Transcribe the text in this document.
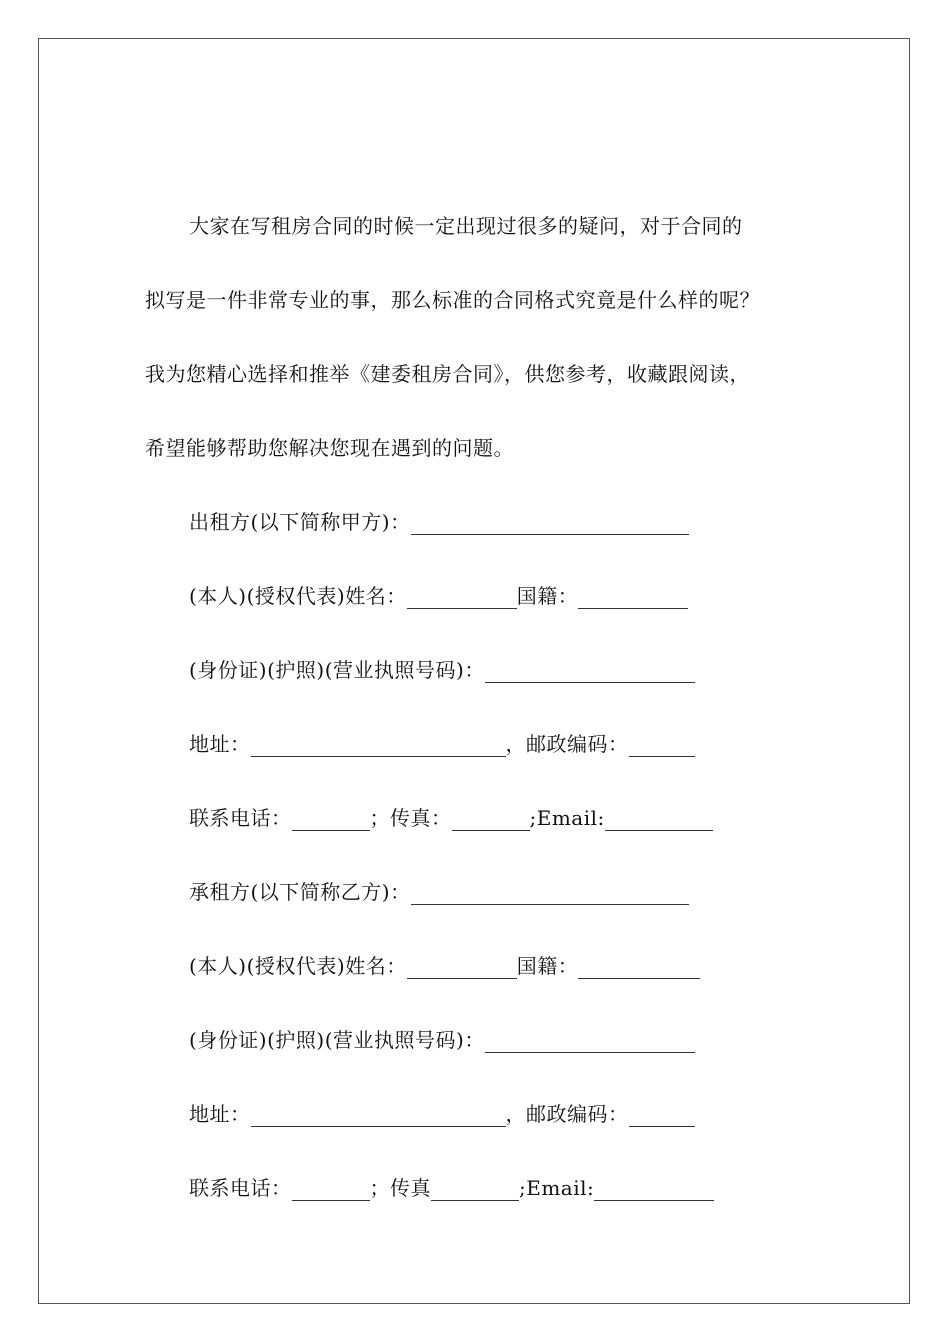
大家在写租房合同的时候一定出现过很多的疑问，对于合同的
拟写是一件非常专业的事，那么标准的合同格式究竟是什么样的呢？
我为您精心选择和推举《建委租房合同》，供您参考，收藏跟阅读，
希望能够帮助您解决您现在遇到的问题。
出租方(以下简称甲方)：
(本人)(授权代表)姓名：	国籍：
(身份证)(护照)(营业执照号码)：
地址：	，邮政编码：
联系电话：	；传真：	;Email:
承租方(以下简称乙方)：
(本人)(授权代表)姓名：	国籍：
(身份证)(护照)(营业执照号码)：
地址：	，邮政编码：
联系电话：	；传真	;Email:
